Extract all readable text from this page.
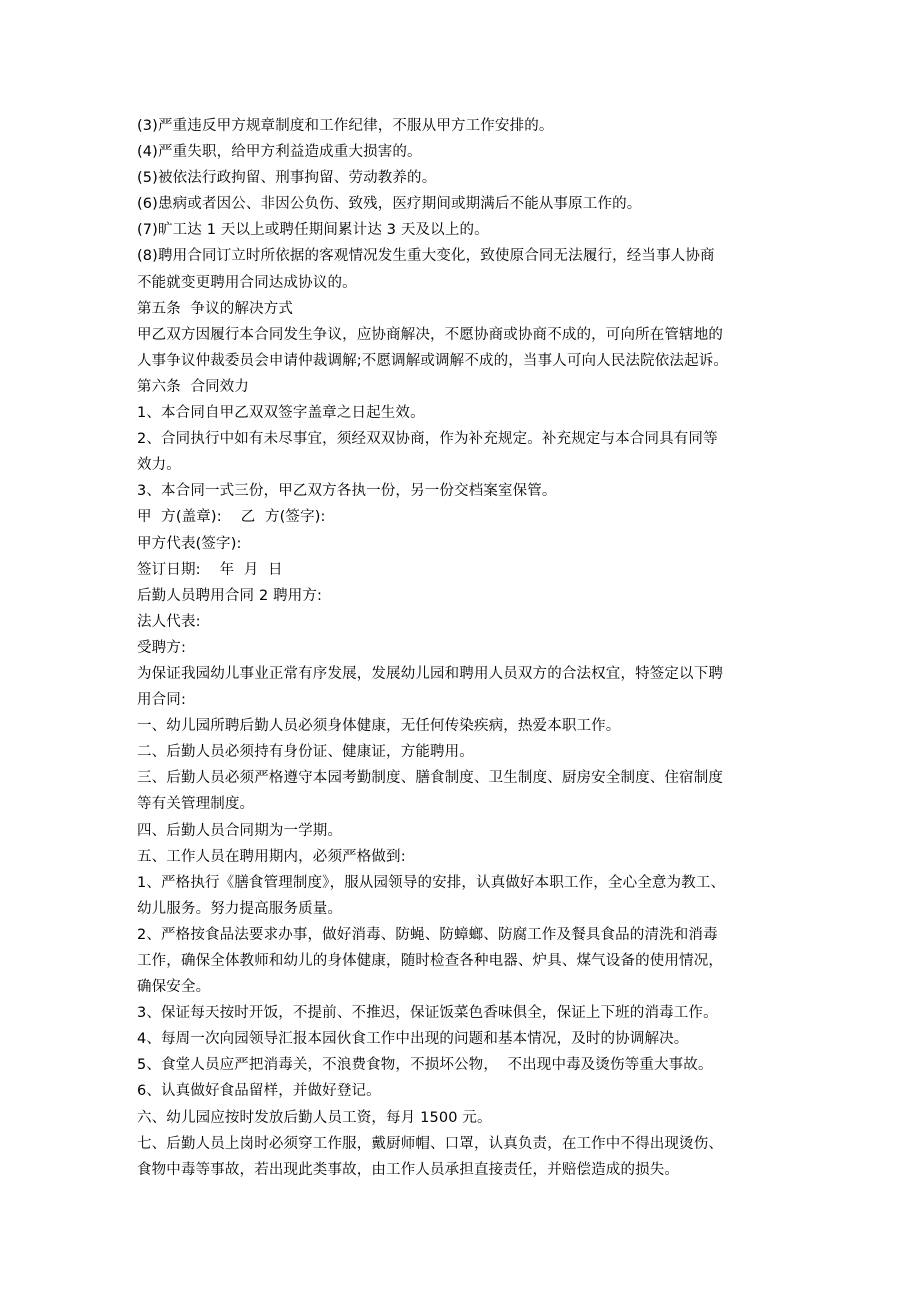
(3)严重违反甲方规章制度和工作纪律，不服从甲方工作安排的。
(4)严重失职，给甲方利益造成重大损害的。
(5)被依法行政拘留、刑事拘留、劳动教养的。
(6)患病或者因公、非因公负伤、致残，医疗期间或期满后不能从事原工作的。
(7)旷工达 1 天以上或聘任期间累计达 3 天及以上的。
(8)聘用合同订立时所依据的客观情况发生重大变化，致使原合同无法履行，经当事人协商
不能就变更聘用合同达成协议的。
第五条  争议的解决方式
甲乙双方因履行本合同发生争议，应协商解决，不愿协商或协商不成的，可向所在管辖地的
人事争议仲裁委员会申请仲裁调解;不愿调解或调解不成的，当事人可向人民法院依法起诉。
第六条  合同效力
1、本合同自甲乙双双签字盖章之日起生效。
2、合同执行中如有未尽事宜，须经双双协商，作为补充规定。补充规定与本合同具有同等
效力。
3、本合同一式三份，甲乙双方各执一份，另一份交档案室保管。
甲  方(盖章):    乙  方(签字):
甲方代表(签字):
签订日期:    年  月  日
后勤人员聘用合同 2 聘用方:
法人代表:
受聘方:
为保证我园幼儿事业正常有序发展，发展幼儿园和聘用人员双方的合法权宜，特签定以下聘
用合同:
一、幼儿园所聘后勤人员必须身体健康，无任何传染疾病，热爱本职工作。
二、后勤人员必须持有身份证、健康证，方能聘用。
三、后勤人员必须严格遵守本园考勤制度、膳食制度、卫生制度、厨房安全制度、住宿制度
等有关管理制度。
四、后勤人员合同期为一学期。
五、工作人员在聘用期内，必须严格做到:
1、严格执行《膳食管理制度》，服从园领导的安排，认真做好本职工作，全心全意为教工、
幼儿服务。努力提高服务质量。
2、严格按食品法要求办事，做好消毒、防蝇、防蟑螂、防腐工作及餐具食品的清洗和消毒
工作，确保全体教师和幼儿的身体健康，随时检查各种电器、炉具、煤气设备的使用情况，
确保安全。
3、保证每天按时开饭，不提前、不推迟，保证饭菜色香味俱全，保证上下班的消毒工作。
4、每周一次向园领导汇报本园伙食工作中出现的问题和基本情况，及时的协调解决。
5、食堂人员应严把消毒关，不浪费食物，不损坏公物，  不出现中毒及烫伤等重大事故。
6、认真做好食品留样，并做好登记。
六、幼儿园应按时发放后勤人员工资，每月 1500 元。
七、后勤人员上岗时必须穿工作服，戴厨师帽、口罩，认真负责，在工作中不得出现烫伤、
食物中毒等事故，若出现此类事故，由工作人员承担直接责任，并赔偿造成的损失。
